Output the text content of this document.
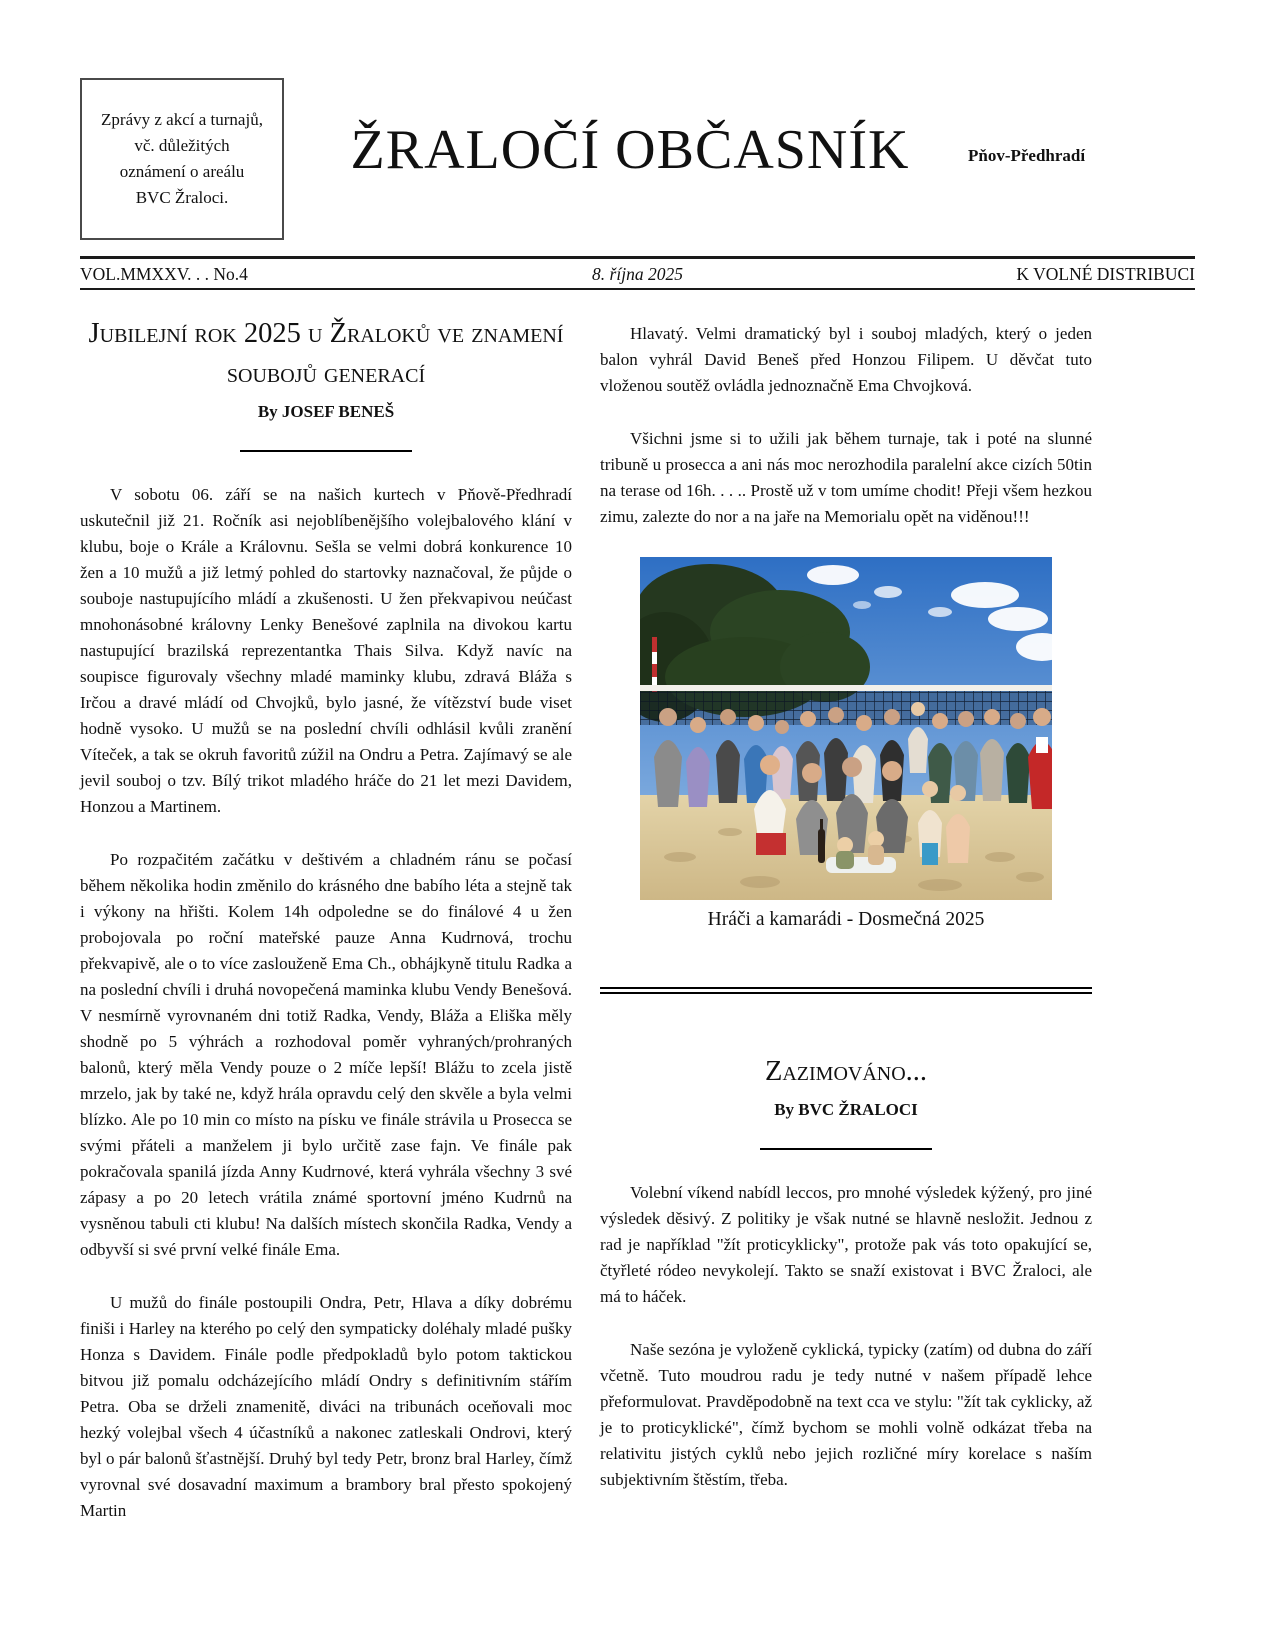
Zprávy z akcí a turnajů,
vč. důležitých
oznámení o areálu
BVC Žraloci.
ŽRALOČÍ OBČASNÍK	Pňov-Předhradí
VOL.MMXXV. . . No.4	8. října 2025	K VOLNÉ DISTRIBUCI
Jubilejní rok 2025 u Žraloků ve znamení soubojů generací
By JOSEF BENEŠ

V sobotu 06. září se na našich kurtech v Pňově-Předhradí uskutečnil již 21. Ročník asi nejoblíbenějšího volejbalového klání v klubu, boje o Krále a Královnu. Sešla se velmi dobrá konkurence 10 žen a 10 mužů a již letmý pohled do startovky naznačoval, že půjde o souboje nastupujícího mládí a zkušenosti. U žen překvapivou neúčast mnohonásobné královny Lenky Benešové zaplnila na divokou kartu nastupující brazilská reprezentantka Thais Silva. Když navíc na soupisce figurovaly všechny mladé maminky klubu, zdravá Bláža s Irčou a dravé mládí od Chvojků, bylo jasné, že vítězství bude viset hodně vysoko. U mužů se na poslední chvíli odhlásil kvůli zranění Víteček, a tak se okruh favoritů zúžil na Ondru a Petra. Zajímavý se ale jevil souboj o tzv. Bílý trikot mladého hráče do 21 let mezi Davidem, Honzou a Martinem.

Po rozpačitém začátku v deštivém a chladném ránu se počasí během několika hodin změnilo do krásného dne babího léta a stejně tak i výkony na hřišti. Kolem 14h odpoledne se do finálové 4 u žen probojovala po roční mateřské pauze Anna Kudrnová, trochu překvapivě, ale o to více zaslouženě Ema Ch., obhájkyně titulu Radka a na poslední chvíli i druhá novopečená maminka klubu Vendy Benešová. V nesmírně vyrovnaném dni totiž Radka, Vendy, Bláža a Eliška měly shodně po 5 výhrách a rozhodoval poměr vyhraných/prohraných balonů, který měla Vendy pouze o 2 míče lepší! Blážu to zcela jistě mrzelo, jak by také ne, když hrála opravdu celý den skvěle a byla velmi blízko. Ale po 10 min co místo na písku ve finále strávila u Prosecca se svými přáteli a manželem ji bylo určitě zase fajn. Ve finále pak pokračovala spanilá jízda Anny Kudrnové, která vyhrála všechny 3 své zápasy a po 20 letech vrátila známé sportovní jméno Kudrnů na vysněnou tabuli cti klubu! Na dalších místech skončila Radka, Vendy a odbyvší si své první velké finále Ema.

U mužů do finále postoupili Ondra, Petr, Hlava a díky dobrému finiši i Harley na kterého po celý den sympaticky doléhaly mladé pušky Honza s Davidem. Finále podle předpokladů bylo potom taktickou bitvou již pomalu odcházejícího mládí Ondry s definitivním stářím Petra. Oba se drželi znamenitě, diváci na tribunách oceňovali moc hezký volejbal všech 4 účastníků a nakonec zatleskali Ondrovi, který byl o pár balonů šťastnější. Druhý byl tedy Petr, bronz bral Harley, čímž vyrovnal své dosavadní maximum a brambory bral přesto spokojený Martin

Hlavatý. Velmi dramatický byl i souboj mladých, který o jeden balon vyhrál David Beneš před Honzou Filipem. U děvčat tuto vloženou soutěž ovládla jednoznačně Ema Chvojková.

Všichni jsme si to užili jak během turnaje, tak i poté na slunné tribuně u prosecca a ani nás moc nerozhodila paralelní akce cizích 50tin na terase od 16h. . . .. Prostě už v tom umíme chodit! Přeji všem hezkou zimu, zalezte do nor a na jaře na Memorialu opět na viděnou!!!

Hráči a kamarádi - Dosmečná 2025
Zazimováno...
By BVC ŽRALOCI

Volební víkend nabídl leccos, pro mnohé výsledek kýžený, pro jiné výsledek děsivý. Z politiky je však nutné se hlavně nesložit. Jednou z rad je například "žít proticyklicky", protože pak vás toto opakující se, čtyřleté ródeo nevykolejí. Takto se snaží existovat i BVC Žraloci, ale má to háček.

Naše sezóna je vyloženě cyklická, typicky (zatím) od dubna do září včetně. Tuto moudrou radu je tedy nutné v našem případě lehce přeformulovat. Pravděpodobně na text cca ve stylu: "žít tak cyklicky, až je to proticyklické", čímž bychom se mohli volně odkázat třeba na relativitu jistých cyklů nebo jejich rozličné míry korelace s naším subjektivním štěstím, třeba.
